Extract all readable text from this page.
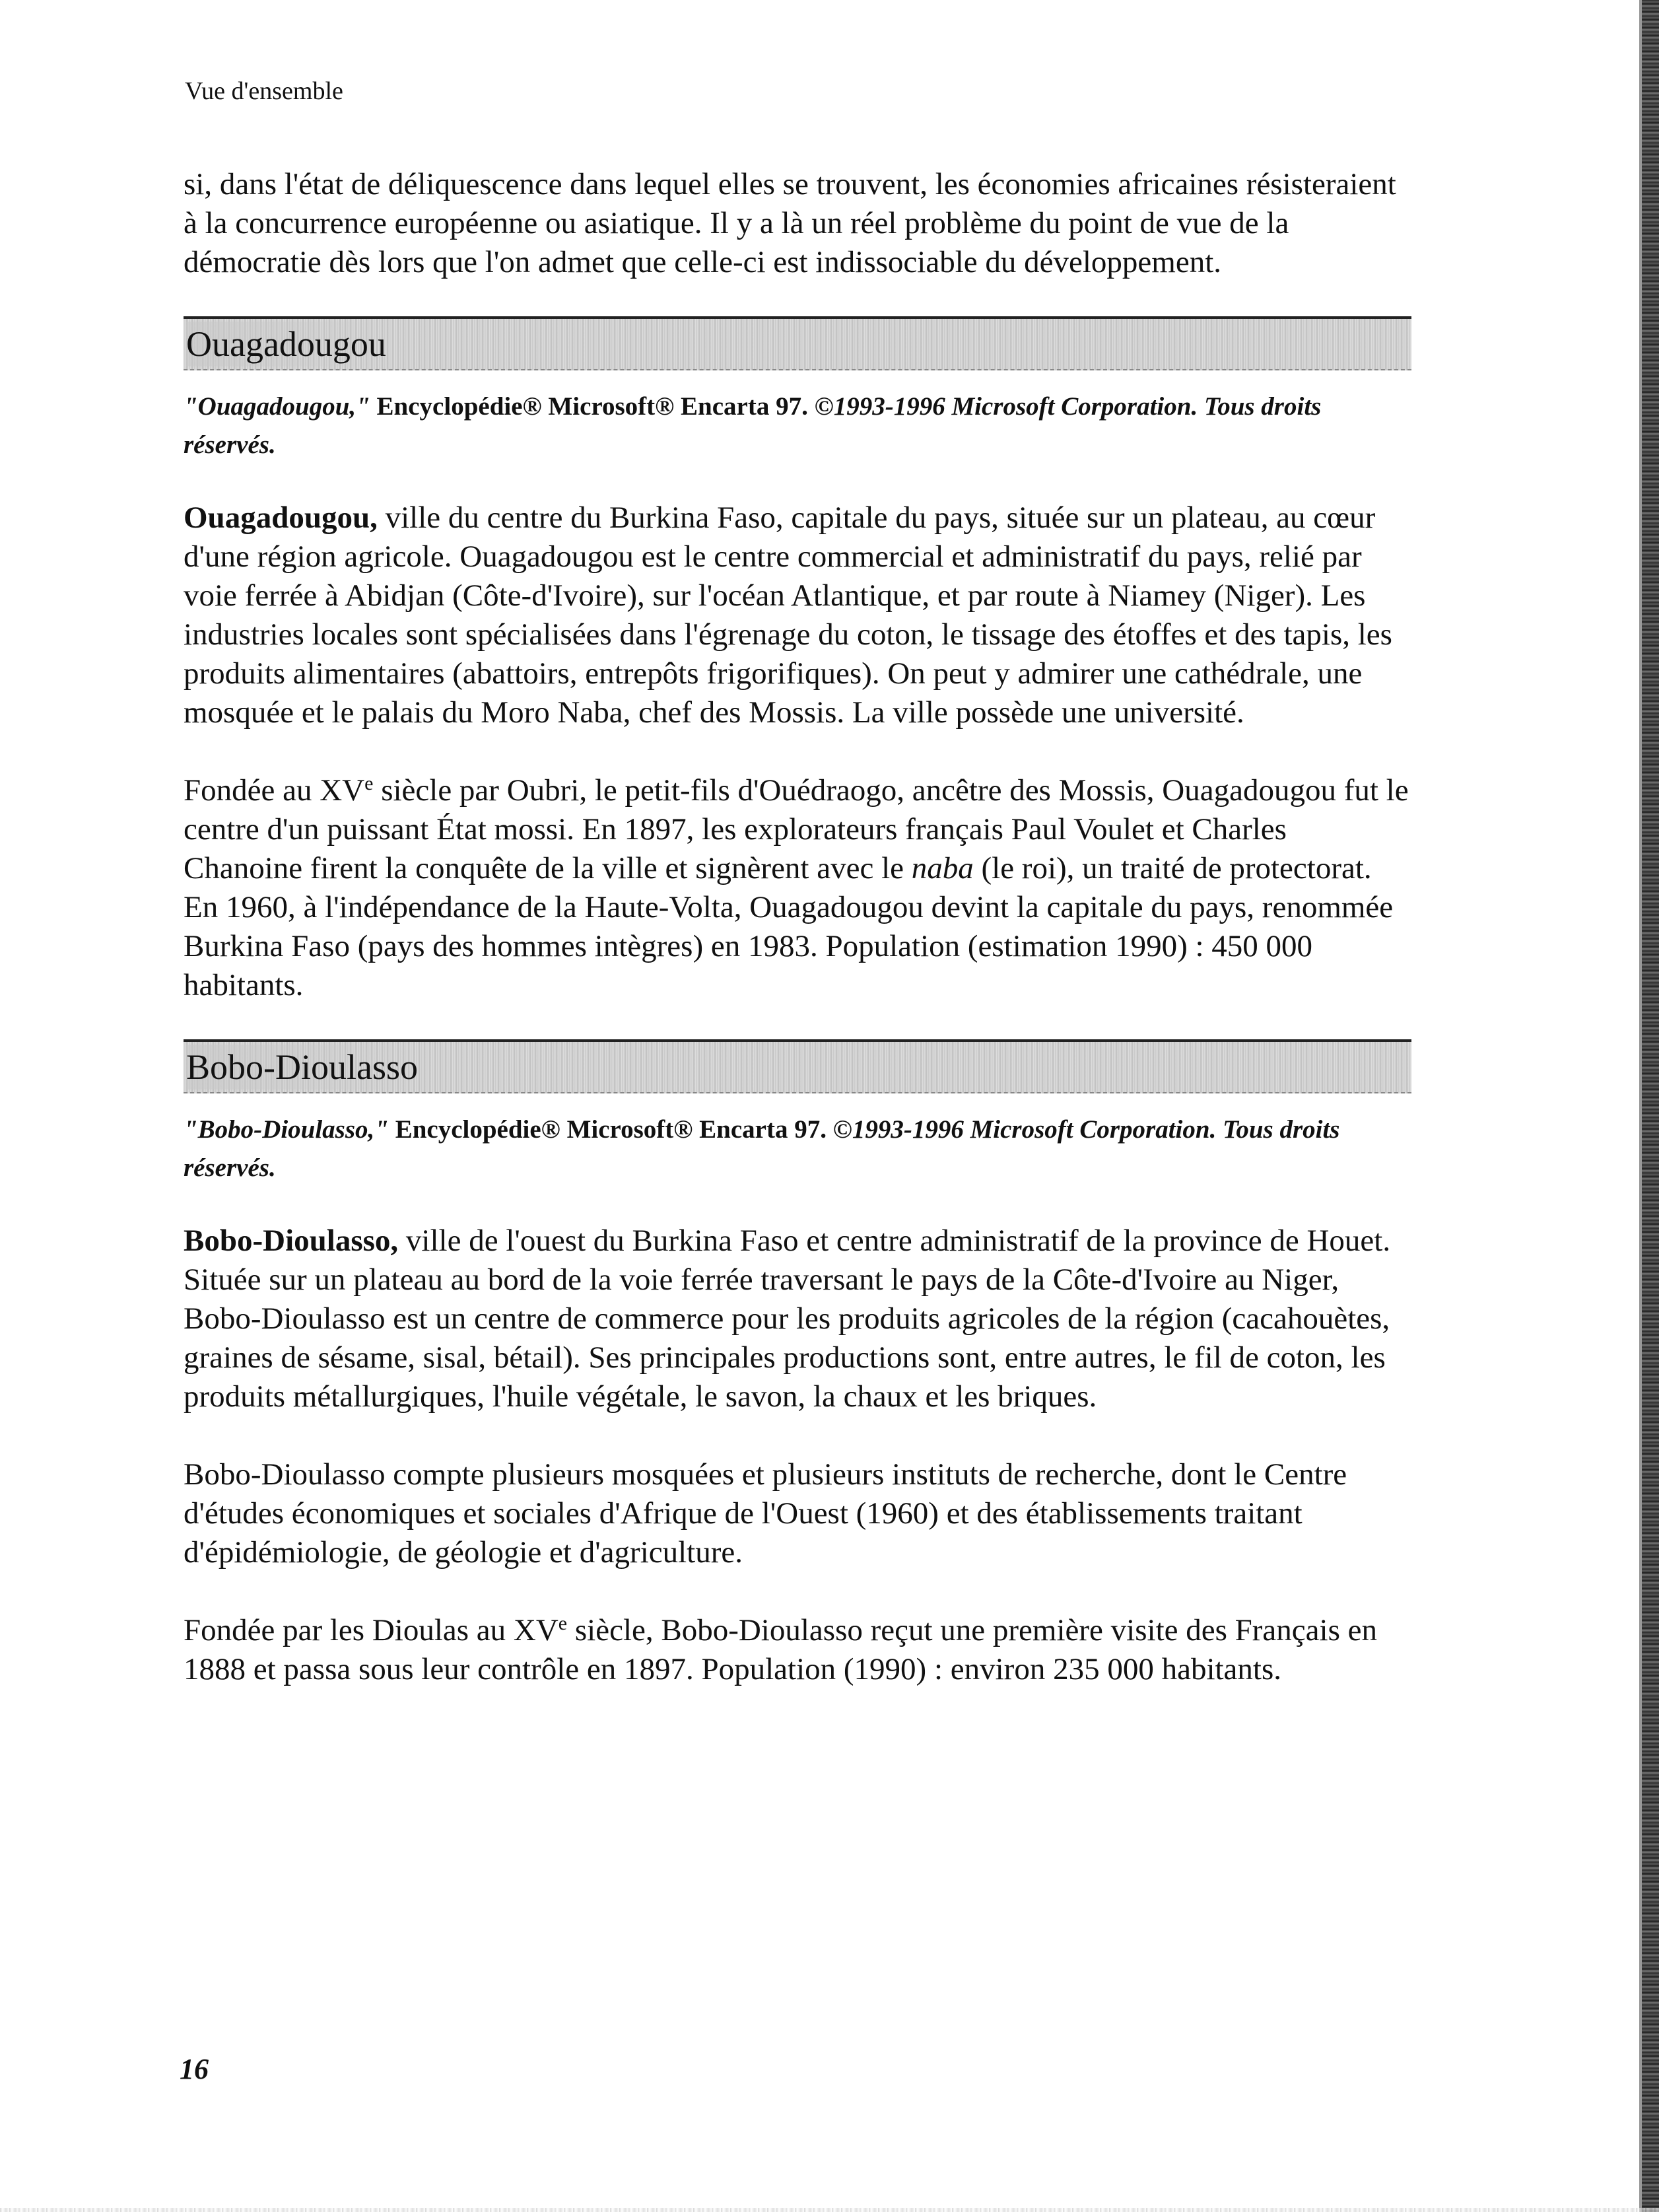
Vue d'ensemble

si, dans l'état de déliquescence dans lequel elles se trouvent, les économies africaines résisteraient à la concurrence européenne ou asiatique. Il y a là un réel problème du point de vue de la démocratie dès lors que l'on admet que celle-ci est indissociable du développement.

Ouagadougou

"Ouagadougou," Encyclopédie® Microsoft® Encarta 97. ©1993-1996 Microsoft Corporation. Tous droits réservés.

Ouagadougou, ville du centre du Burkina Faso, capitale du pays, située sur un plateau, au cœur d'une région agricole. Ouagadougou est le centre commercial et administratif du pays, relié par voie ferrée à Abidjan (Côte-d'Ivoire), sur l'océan Atlantique, et par route à Niamey (Niger). Les industries locales sont spécialisées dans l'égrenage du coton, le tissage des étoffes et des tapis, les produits alimentaires (abattoirs, entrepôts frigorifiques). On peut y admirer une cathédrale, une mosquée et le palais du Moro Naba, chef des Mossis. La ville possède une université.

Fondée au XVe siècle par Oubri, le petit-fils d'Ouédraogo, ancêtre des Mossis, Ouagadougou fut le centre d'un puissant État mossi. En 1897, les explorateurs français Paul Voulet et Charles Chanoine firent la conquête de la ville et signèrent avec le naba (le roi), un traité de protectorat. En 1960, à l'indépendance de la Haute-Volta, Ouagadougou devint la capitale du pays, renommée Burkina Faso (pays des hommes intègres) en 1983. Population (estimation 1990) : 450 000 habitants.

Bobo-Dioulasso

"Bobo-Dioulasso," Encyclopédie® Microsoft® Encarta 97. ©1993-1996 Microsoft Corporation. Tous droits réservés.

Bobo-Dioulasso, ville de l'ouest du Burkina Faso et centre administratif de la province de Houet. Située sur un plateau au bord de la voie ferrée traversant le pays de la Côte-d'Ivoire au Niger, Bobo-Dioulasso est un centre de commerce pour les produits agricoles de la région (cacahouètes, graines de sésame, sisal, bétail). Ses principales productions sont, entre autres, le fil de coton, les produits métallurgiques, l'huile végétale, le savon, la chaux et les briques.

Bobo-Dioulasso compte plusieurs mosquées et plusieurs instituts de recherche, dont le Centre d'études économiques et sociales d'Afrique de l'Ouest (1960) et des établissements traitant d'épidémiologie, de géologie et d'agriculture.

Fondée par les Dioulas au XVe siècle, Bobo-Dioulasso reçut une première visite des Français en 1888 et passa sous leur contrôle en 1897. Population (1990) : environ 235 000 habitants.

16
